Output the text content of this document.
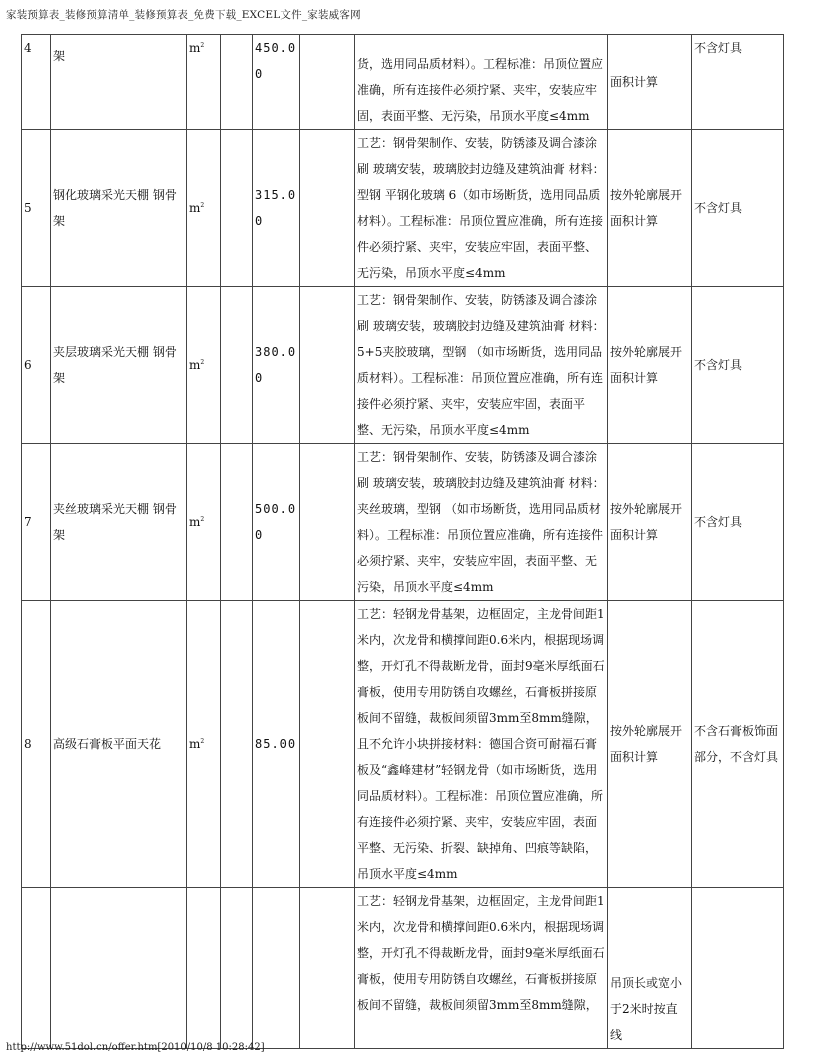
家装预算表_装修预算清单_装修预算表_免费下载_EXCEL文件_家装威客网
4	架	$m^2$		450.00		货，选用同品质材料）。工程标准：吊顶位置应准确，所有连接件必须拧紧、夹牢，安装应牢固，表面平整、无污染，吊顶水平度≤4mm	面积计算	不含灯具
5	钢化玻璃采光天棚 钢骨架	$m^2$		315.00		工艺：钢骨架制作、安装，防锈漆及调合漆涂刷 玻璃安装，玻璃胶封边缝及建筑油膏 材料：型钢 平钢化玻璃 6（如市场断货，选用同品质材料）。工程标准：吊顶位置应准确，所有连接件必须拧紧、夹牢，安装应牢固，表面平整、无污染，吊顶水平度≤4mm	按外轮廓展开面积计算	不含灯具
6	夹层玻璃采光天棚 钢骨架	$m^2$		380.00		工艺：钢骨架制作、安装，防锈漆及调合漆涂刷 玻璃安装，玻璃胶封边缝及建筑油膏 材料：5+5夹胶玻璃，型钢 （如市场断货，选用同品质材料）。工程标准：吊顶位置应准确，所有连接件必须拧紧、夹牢，安装应牢固，表面平整、无污染，吊顶水平度≤4mm	按外轮廓展开面积计算	不含灯具
7	夹丝玻璃采光天棚 钢骨架	$m^2$		500.00		工艺：钢骨架制作、安装，防锈漆及调合漆涂刷 玻璃安装，玻璃胶封边缝及建筑油膏 材料：夹丝玻璃，型钢 （如市场断货，选用同品质材料）。工程标准：吊顶位置应准确，所有连接件必须拧紧、夹牢，安装应牢固，表面平整、无污染，吊顶水平度≤4mm	按外轮廓展开面积计算	不含灯具
8	高级石膏板平面天花	$m^2$		85.00		工艺：轻钢龙骨基架，边框固定，主龙骨间距1米内，次龙骨和横撑间距0.6米内，根据现场调整，开灯孔不得裁断龙骨，面封9毫米厚纸面石膏板，使用专用防锈自攻螺丝，石膏板拼接原板间不留缝，裁板间须留3mm至8mm缝隙，且不允许小块拼接材料：德国合资可耐福石膏板及“鑫峰建材”轻钢龙骨（如市场断货，选用同品质材料）。工程标准：吊顶位置应准确，所有连接件必须拧紧、夹牢，安装应牢固，表面平整、无污染、折裂、缺掉角、凹痕等缺陷，吊顶水平度≤4mm	按外轮廓展开面积计算	不含石膏板饰面部分，不含灯具
						工艺：轻钢龙骨基架，边框固定，主龙骨间距1米内，次龙骨和横撑间距0.6米内，根据现场调整，开灯孔不得裁断龙骨，面封9毫米厚纸面石膏板，使用专用防锈自攻螺丝，石膏板拼接原板间不留缝，裁板间须留3mm至8mm缝隙，	吊顶长或宽小于2米时按直线	
http://www.51dol.cn/offer.htm[2010/10/8 10:28:42]
